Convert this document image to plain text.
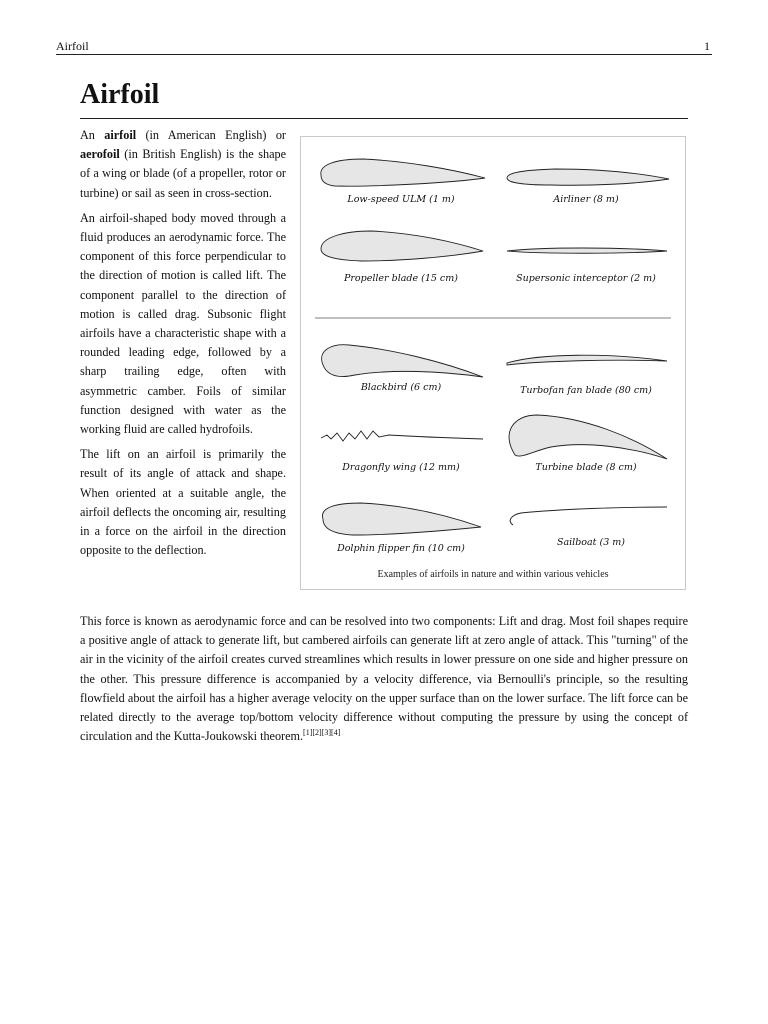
Airfoil	1
Airfoil

An airfoil (in American English) or aerofoil (in British English) is the shape of a wing or blade (of a propeller, rotor or turbine) or sail as seen in cross-section.

An airfoil-shaped body moved through a fluid produces an aerodynamic force. The component of this force perpendicular to the direction of motion is called lift. The component parallel to the direction of motion is called drag. Subsonic flight airfoils have a characteristic shape with a rounded leading edge, followed by a sharp trailing edge, often with asymmetric camber. Foils of similar function designed with water as the working fluid are called hydrofoils.

The lift on an airfoil is primarily the result of its angle of attack and shape. When oriented at a suitable angle, the airfoil deflects the oncoming air, resulting in a force on the airfoil in the direction opposite to the deflection.

This force is known as aerodynamic force and can be resolved into two components: Lift and drag. Most foil shapes require a positive angle of attack to generate lift, but cambered airfoils can generate lift at zero angle of attack. This "turning" of the air in the vicinity of the airfoil creates curved streamlines which results in lower pressure on one side and higher pressure on the other. This pressure difference is accompanied by a velocity difference, via Bernoulli's principle, so the resulting flowfield about the airfoil has a higher average velocity on the upper surface than on the lower surface. The lift force can be related directly to the average top/bottom velocity difference without computing the pressure by using the concept of circulation and the Kutta-Joukowski theorem.[1][2][3][4]

Low-speed ULM (1 m)	Airliner (8 m)
Propeller blade (15 cm)	Supersonic interceptor (2 m)
Blackbird (6 cm)	Turbofan fan blade (80 cm)
Dragonfly wing (12 mm)	Turbine blade (8 cm)
Dolphin flipper fin (10 cm)
Sailboat (3 m)
Examples of airfoils in nature and within various vehicles
